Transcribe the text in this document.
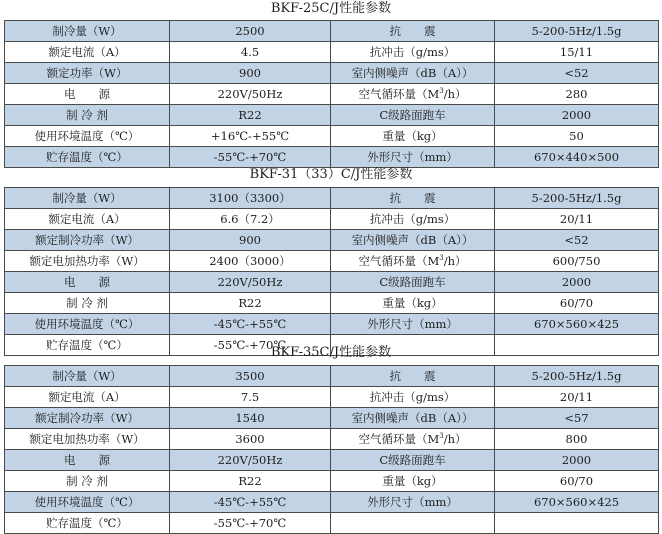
BKF-25C/J性能参数
制冷量（W）	2500	抗　　震	5-200-5Hz/1.5g
额定电流（A）	4.5	抗冲击（g/ms）	15/11
额定功率（W）	900	室内侧噪声（dB（A））	<52
电　　源	220V/50Hz	空气循环量$(M^3/h)$	280
制 冷 剂	R22	C级路面跑车	2000
使用环境温度（℃）	+16℃-+55℃	重量（kg）	50
贮存温度（℃）	-55℃-+70℃	外形尺寸（mm）	670×440×500
BKF-31（33）C/J性能参数
制冷量（W）	3100（3300）	抗　　震	5-200-5Hz/1.5g
额定电流（A）	6.6（7.2）	抗冲击（g/ms）	20/11
额定制冷功率（W）	900	室内侧噪声（dB（A））	<52
额定电加热功率（W）	2400（3000）	空气循环量$(M^3/h)$	600/750
电　　源	220V/50Hz	C级路面跑车	2000
制 冷 剂	R22	重量（kg）	60/70
使用环境温度（℃）	-45℃-+55℃	外形尺寸（mm）	670×560×425
贮存温度（℃）	-55℃-+70℃		
BKF-35C/J性能参数
制冷量（W）	3500	抗　　震	5-200-5Hz/1.5g
额定电流（A）	7.5	抗冲击（g/ms）	20/11
额定制冷功率（W）	1540	室内侧噪声（dB（A））	<57
额定电加热功率（W）	3600	空气循环量$(M^3/h)$	800
电　　源	220V/50Hz	C级路面跑车	2000
制 冷 剂	R22	重量（kg）	60/70
使用环境温度（℃）	-45℃-+55℃	外形尺寸（mm）	670×560×425
贮存温度（℃）	-55℃-+70℃		
